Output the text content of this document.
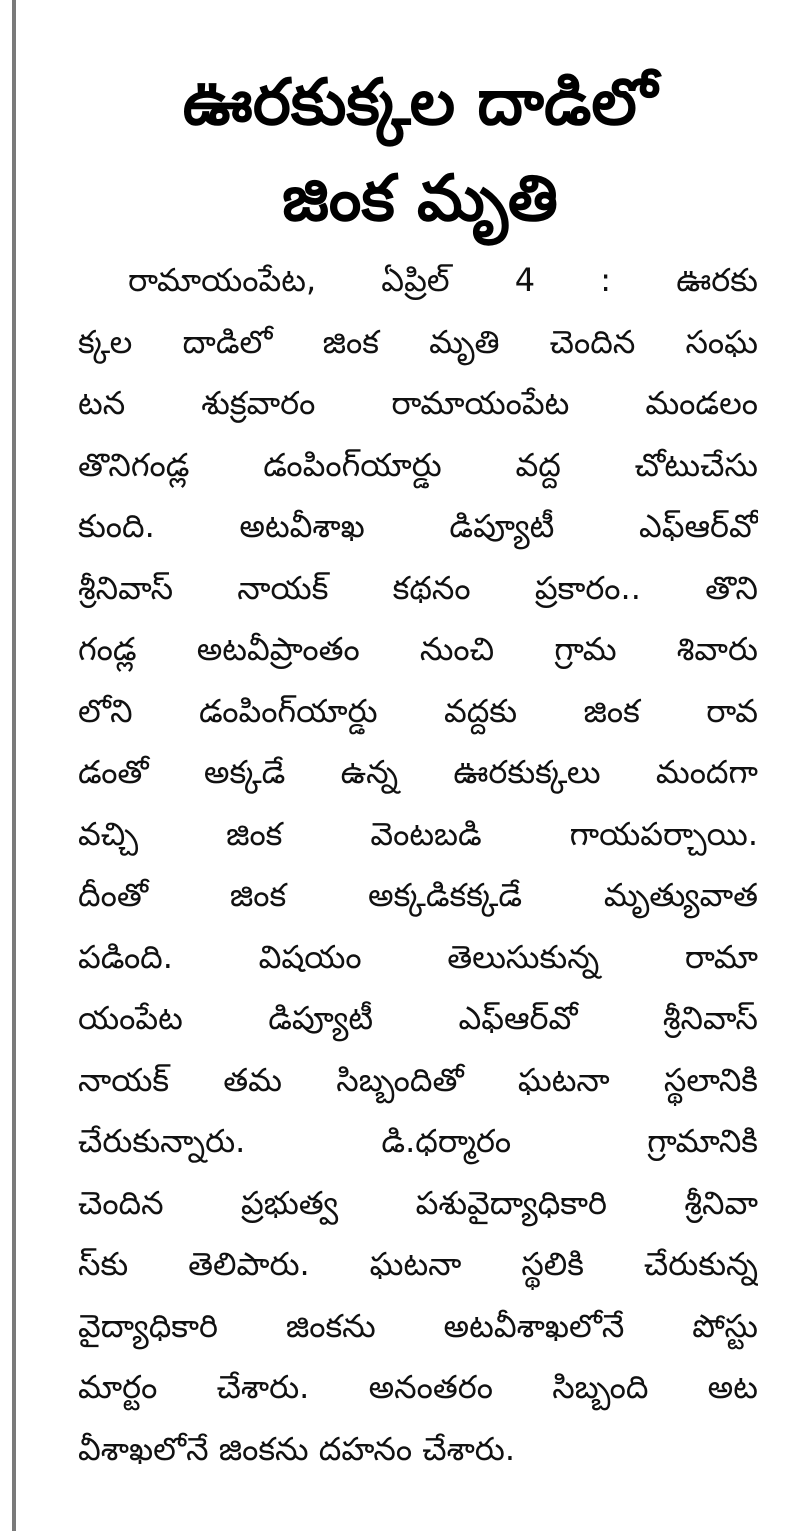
ఊరకుక్కల దాడిలో
జింక మృతి
రామాయంపేట, ఏప్రిల్ 4 : ఊరకు
క్కల దాడిలో జింక మృతి చెందిన సంఘ
టన శుక్రవారం రామాయంపేట మండలం
తొనిగండ్ల డంపింగ్‌యార్డు వద్ద చోటుచేసు
కుంది. అటవీశాఖ డిప్యూటీ ఎఫ్‌ఆర్‌వో
శ్రీనివాస్ నాయక్ కథనం ప్రకారం.. తొని
గండ్ల అటవీప్రాంతం నుంచి గ్రామ శివారు
లోని డంపింగ్‌యార్డు వద్దకు జింక రావ
డంతో అక్కడే ఉన్న ఊరకుక్కలు మందగా
వచ్చి జింక వెంటబడి గాయపర్చాయి.
దీంతో జింక అక్కడికక్కడే మృత్యువాత
పడింది. విషయం తెలుసుకున్న రామా
యంపేట డిప్యూటీ ఎఫ్‌ఆర్‌వో శ్రీనివాస్
నాయక్ తమ సిబ్బందితో ఘటనా స్థలానికి
చేరుకున్నారు. డి.ధర్మారం గ్రామానికి
చెందిన ప్రభుత్వ పశువైద్యాధికారి శ్రీనివా
స్‌కు తెలిపారు. ఘటనా స్థలికి చేరుకున్న
వైద్యాధికారి జింకను అటవీశాఖలోనే పోస్టు
మార్టం చేశారు. అనంతరం సిబ్బంది అట
వీశాఖలోనే జింకను దహనం చేశారు.
